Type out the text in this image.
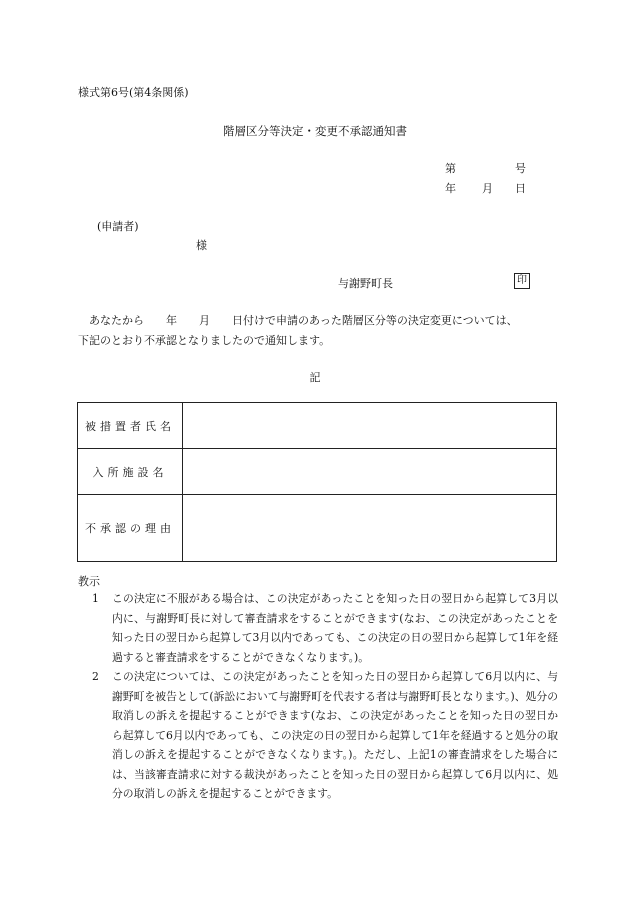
様式第6号(第4条関係)
階層区分等決定・変更不承認通知書
第	号
年 月 日
(申請者)
様
与謝野町長	印
あなたから　　年　　月　　日付けで申請のあった階層区分等の決定変更については、
下記のとおり不承認となりましたので通知します。
記
被措置者氏名	
入所施設名	
不承認の理由	
教示
1 この決定に不服がある場合は、この決定があったことを知った日の翌日から起算して3月以内に、与謝野町長に対して審査請求をすることができます(なお、この決定があったことを知った日の翌日から起算して3月以内であっても、この決定の日の翌日から起算して1年を経過すると審査請求をすることができなくなります。)。
2 この決定については、この決定があったことを知った日の翌日から起算して6月以内に、与謝野町を被告として(訴訟において与謝野町を代表する者は与謝野町長となります。)、処分の取消しの訴えを提起することができます(なお、この決定があったことを知った日の翌日から起算して6月以内であっても、この決定の日の翌日から起算して1年を経過すると処分の取消しの訴えを提起することができなくなります。)。ただし、上記1の審査請求をした場合には、当該審査請求に対する裁決があったことを知った日の翌日から起算して6月以内に、処分の取消しの訴えを提起することができます。
